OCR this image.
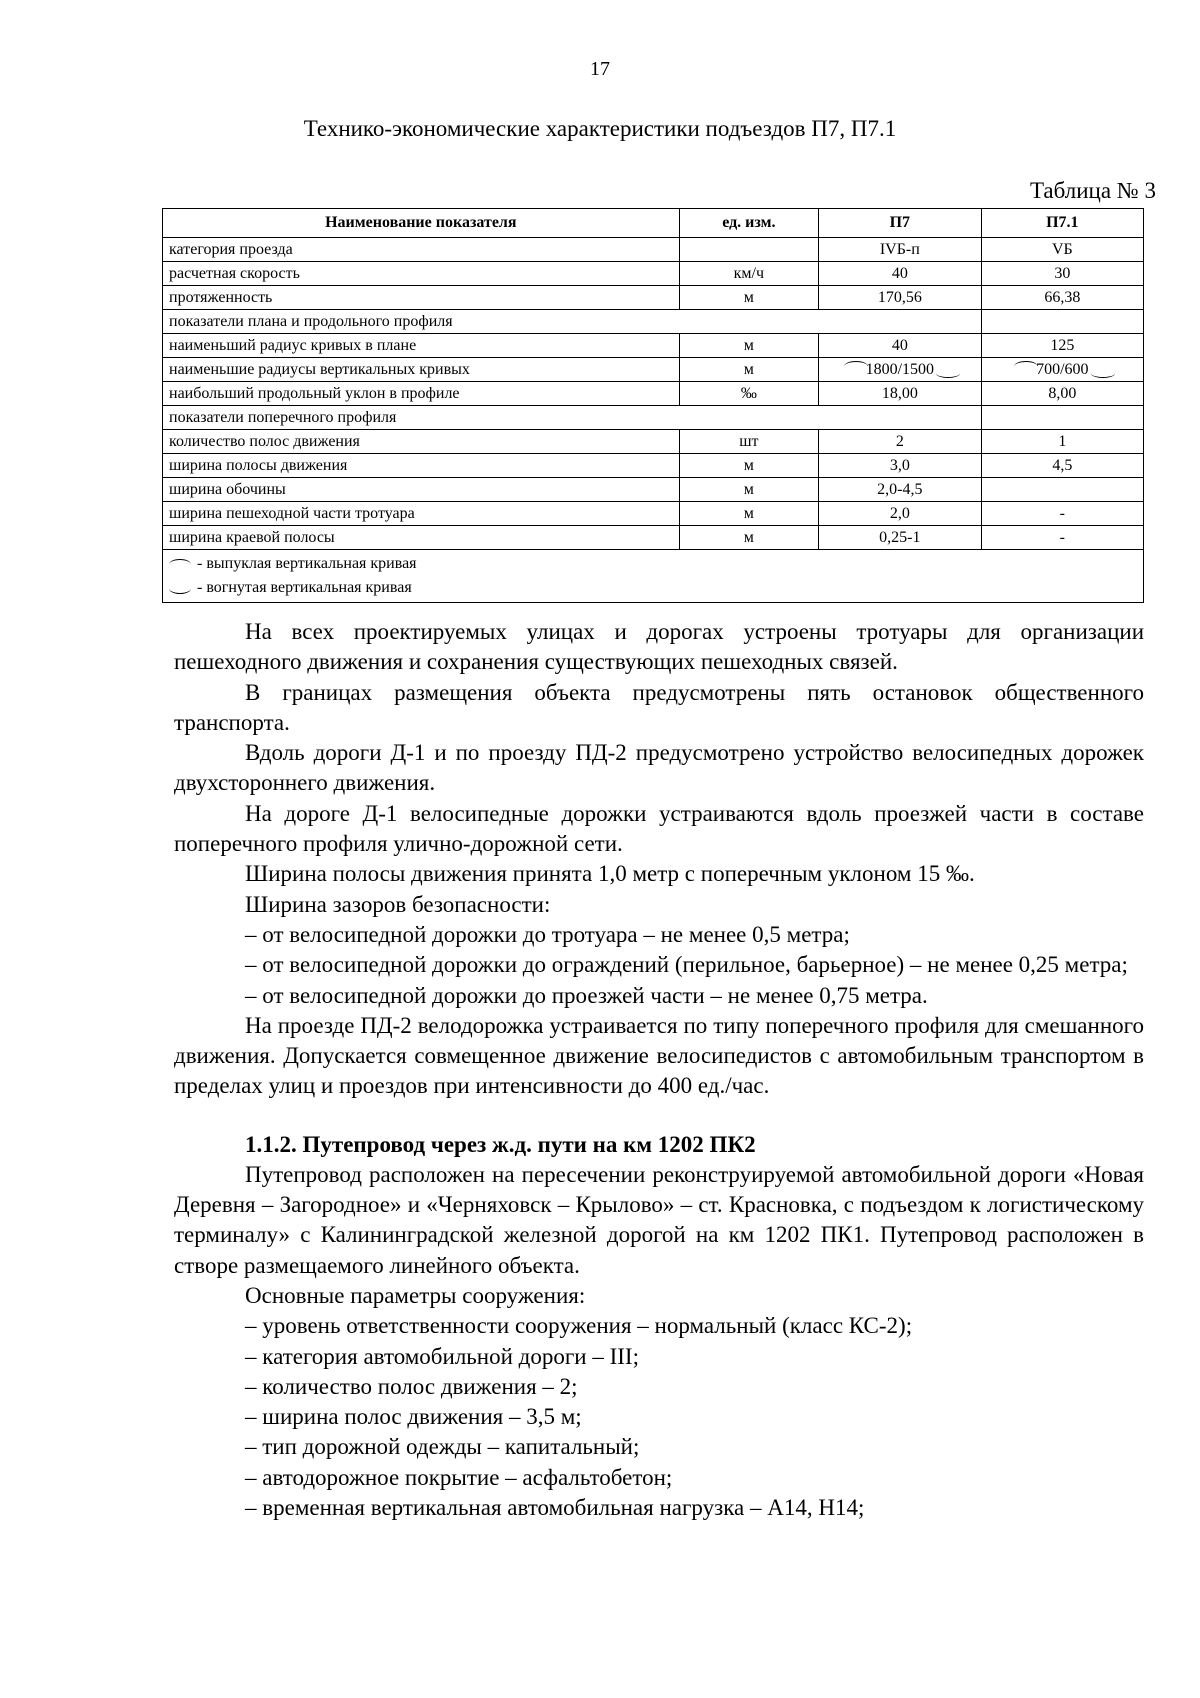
17
Технико-экономические характеристики подъездов П7, П7.1
Таблица № 3
Наименование показателя	ед. изм.	П7	П7.1
категория проезда		IVБ-п	VБ
расчетная скорость	км/ч	40	30
протяженность	м	170,56	66,38
показатели плана и продольного профиля			
наименьший радиус кривых в плане	м	40	125
наименьшие радиусы вертикальных кривых	м	1800/1500	700/600
наибольший продольный уклон в профиле	‰	18,00	8,00
показатели поперечного профиля			
количество полос движения	шт	2	1
ширина полосы движения	м	3,0	4,5
ширина обочины	м	2,0-4,5	
ширина пешеходной части тротуара	м	2,0	-
ширина краевой полосы	м	0,25-1	-

- выпуклая вертикальная кривая
- вогнутая вертикальная кривая			

На всех проектируемых улицах и дорогах устроены тротуары для организации пешеходного движения и сохранения существующих пешеходных связей.

В границах размещения объекта предусмотрены пять остановок общественного транспорта.

Вдоль дороги Д-1 и по проезду ПД-2 предусмотрено устройство велосипедных дорожек двухстороннего движения.

На дороге Д-1 велосипедные дорожки устраиваются вдоль проезжей части в составе поперечного профиля улично-дорожной сети.

Ширина полосы движения принята 1,0 метр с поперечным уклоном 15 ‰.

Ширина зазоров безопасности:

– от велосипедной дорожки до тротуара – не менее 0,5 метра;

– от велосипедной дорожки до ограждений (перильное, барьерное) – не менее 0,25 метра;

– от велосипедной дорожки до проезжей части – не менее 0,75 метра.

На проезде ПД-2 велодорожка устраивается по типу поперечного профиля для смешанного движения. Допускается совмещенное движение велосипедистов с автомобильным транспортом в пределах улиц и проездов при интенсивности до 400 ед./час.

1.1.2. Путепровод через ж.д. пути на км 1202 ПК2

Путепровод расположен на пересечении реконструируемой автомобильной дороги «Новая Деревня – Загородное» и «Черняховск – Крылово» – ст. Красновка, с подъездом к логистическому терминалу» с Калининградской железной дорогой на км 1202 ПК1. Путепровод расположен в створе размещаемого линейного объекта.

Основные параметры сооружения:

– уровень ответственности сооружения – нормальный (класс КС-2);

– категория автомобильной дороги – III;

– количество полос движения – 2;

– ширина полос движения – 3,5 м;

– тип дорожной одежды – капитальный;

– автодорожное покрытие – асфальтобетон;

– временная вертикальная автомобильная нагрузка – А14, Н14;
